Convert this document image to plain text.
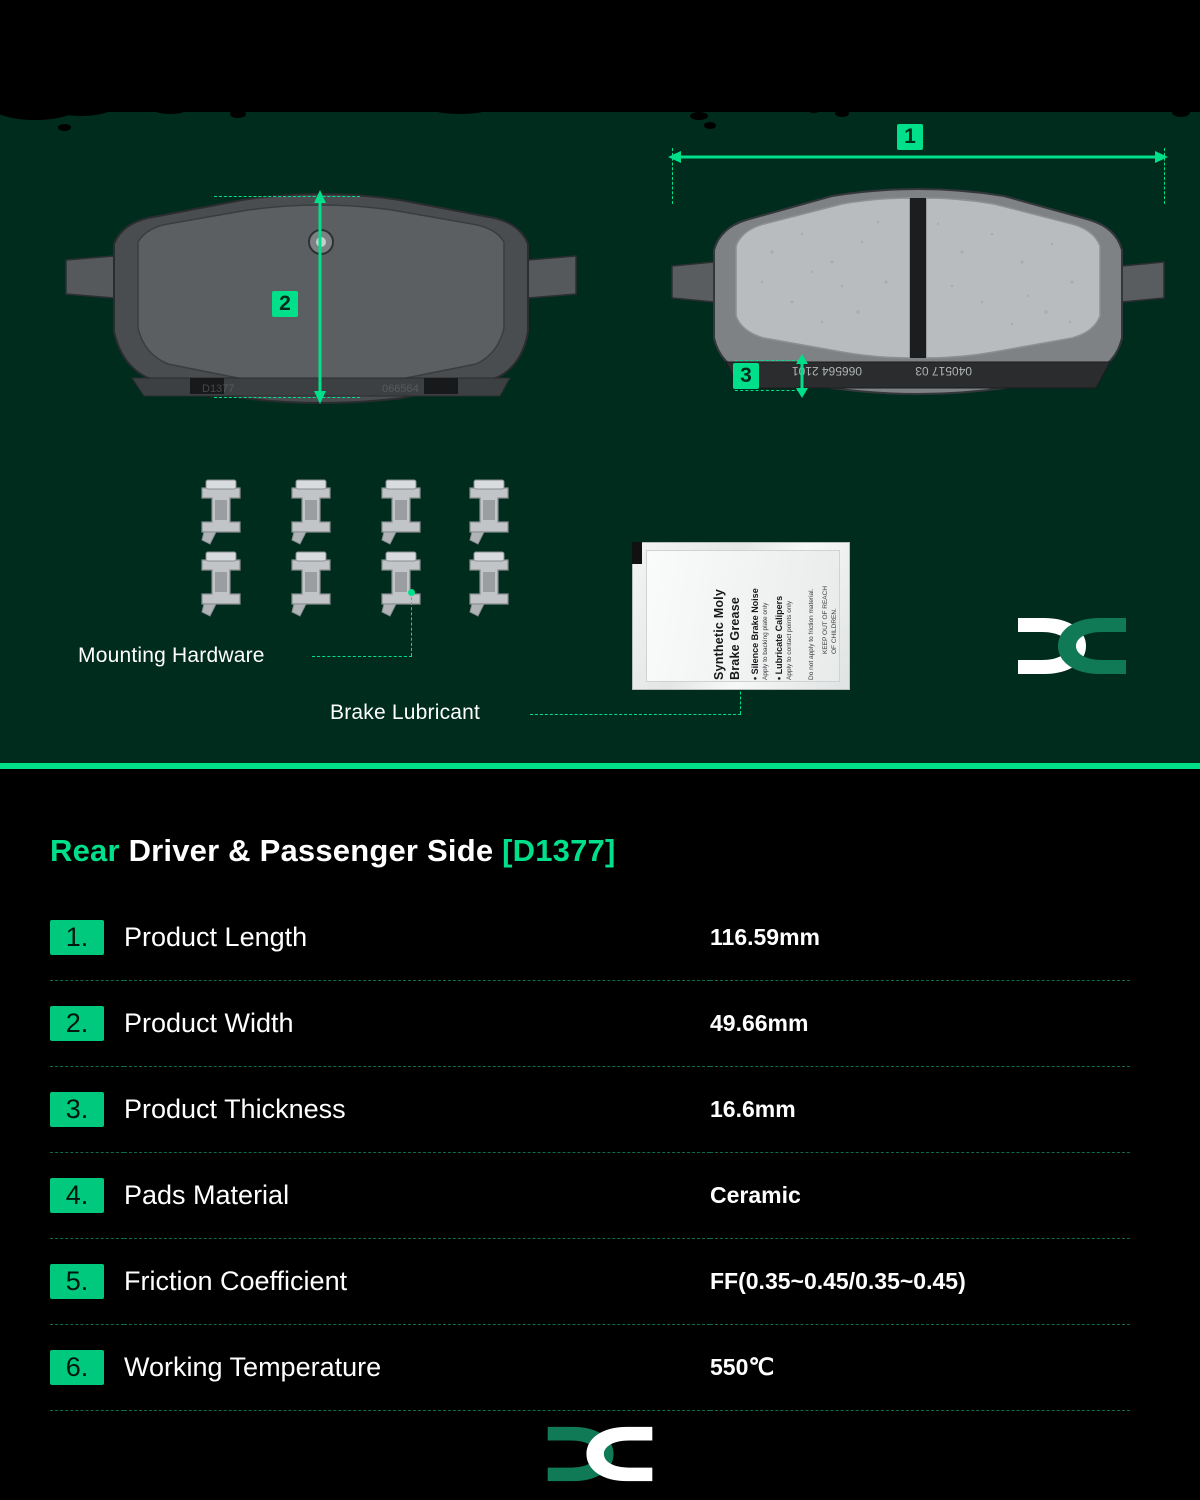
D1377	066564
2
040517 03
066564 2101
1
3
Mounting Hardware
Brake Lubricant
Synthetic Moly Brake Grease • Silence Brake Noise Apply to backing plate only • Lubricate Calipers Apply to contact points only Do not apply to friction material. KEEP OUT OF REACH OF CHILDREN.
Rear Driver & Passenger Side [D1377]
1.	Product Length	116.59mm
2.	Product Width	49.66mm
3.	Product Thickness	16.6mm
4.	Pads Material	Ceramic
5.	Friction Coefficient	FF(0.35~0.45/0.35~0.45)
6.	Working Temperature	550℃
